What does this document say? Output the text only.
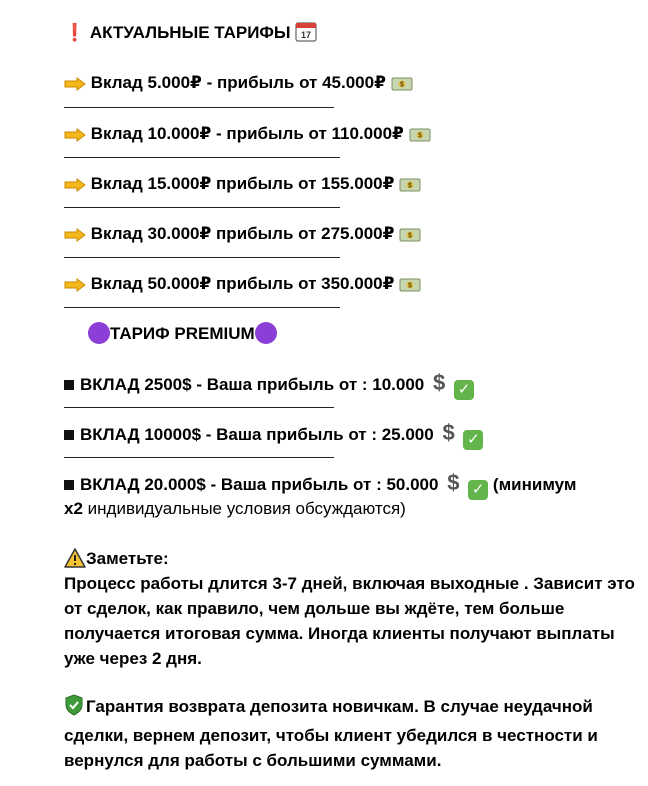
❗ АКТУАЛЬНЫЕ ТАРИФЫ 17
Вклад 5.000₽ - прибыль от 45.000₽ $
Вклад 10.000₽ - прибыль от 110.000₽ $
Вклад 15.000₽ прибыль от 155.000₽ $
Вклад 30.000₽ прибыль от 275.000₽ $
Вклад 50.000₽ прибыль от 350.000₽ $
ТАРИФ PREMIUM
ВКЛАД 2500$ - Ваша прибыль от : 10.000 $ ✓
ВКЛАД 10000$ - Ваша прибыль от : 25.000 $ ✓
ВКЛАД 20.000$ - Ваша прибыль от : 50.000 $ ✓ (минимум
x2 индивидуальные условия обсуждаются)
Заметьте:
Процесс работы длится 3-7 дней, включая выходные . Зависит это от сделок, как правило, чем дольше вы ждёте, тем больше получается итоговая сумма. Иногда клиенты получают выплаты уже через 2 дня.
Гарантия возврата депозита новичкам. В случае неудачной сделки, вернем депозит, чтобы клиент убедился в честности и вернулся для работы с большими суммами.
